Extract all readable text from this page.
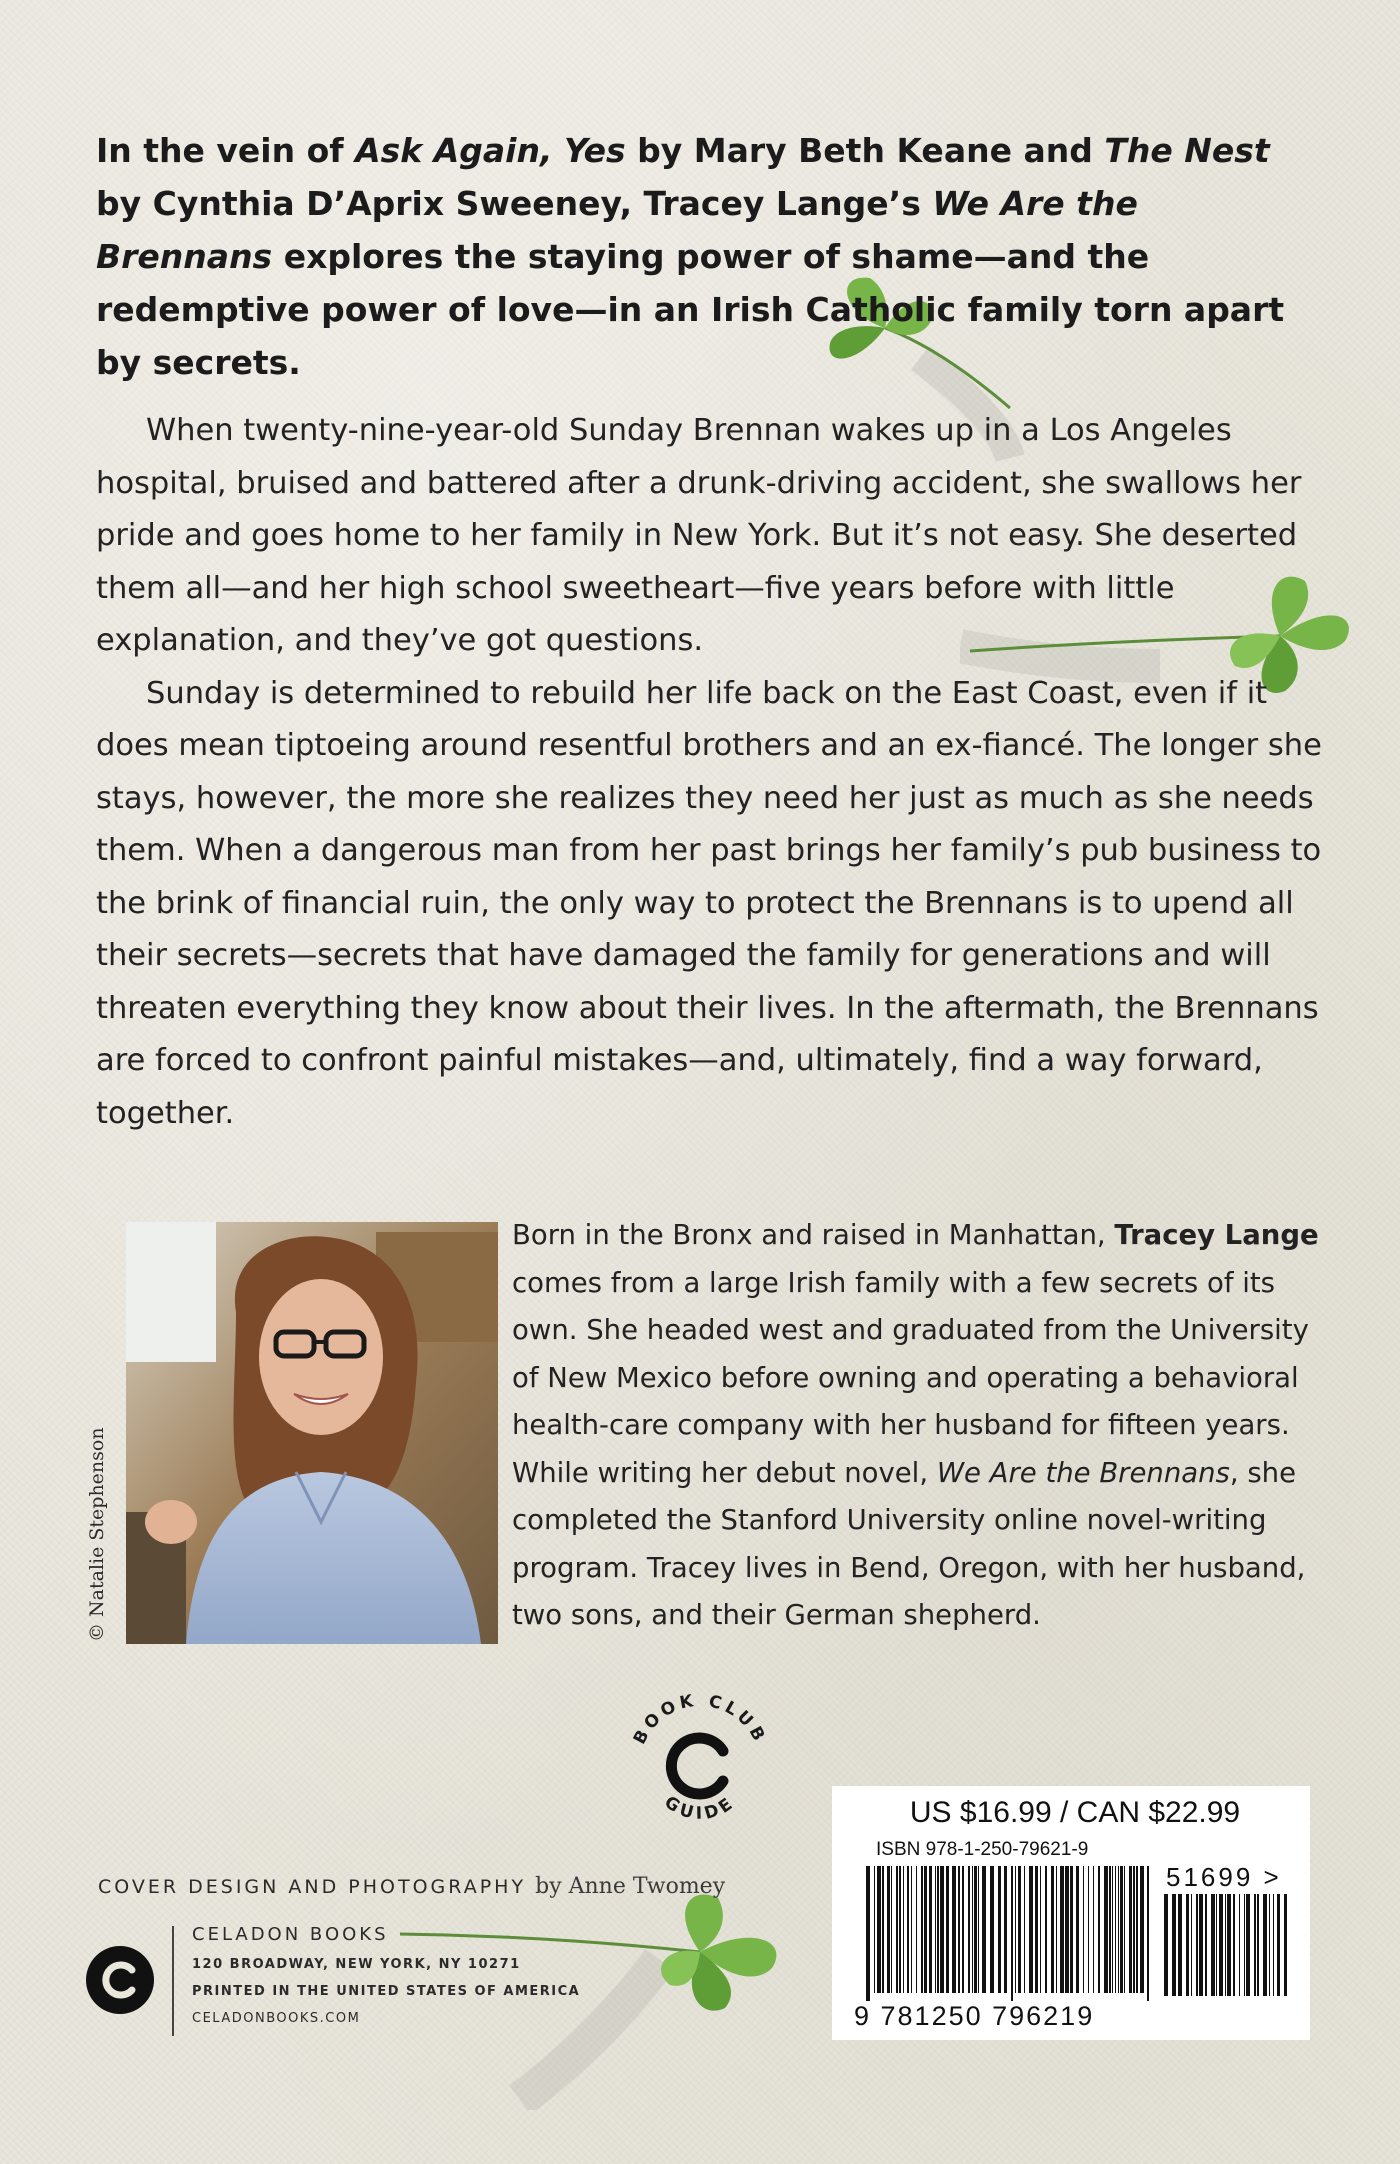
In the vein of Ask Again, Yes by Mary Beth Keane and The Nest by Cynthia D’Aprix Sweeney, Tracey Lange’s We Are the Brennans explores the staying power of shame—and the redemptive power of love—in an Irish Catholic family torn apart by secrets.

When twenty-nine-year-old Sunday Brennan wakes up in a Los Angeles hospital, bruised and battered after a drunk-driving accident, she swallows her pride and goes home to her family in New York. But it’s not easy. She deserted them all—and her high school sweetheart—five years before with little explanation, and they’ve got questions.

Sunday is determined to rebuild her life back on the East Coast, even if it does mean tiptoeing around resentful brothers and an ex-fiancé. The longer she stays, however, the more she realizes they need her just as much as she needs them. When a dangerous man from her past brings her family’s pub business to the brink of financial ruin, the only way to protect the Brennans is to upend all their secrets—secrets that have damaged the family for generations and will threaten everything they know about their lives. In the aftermath, the Brennans are forced to confront painful mistakes—and, ultimately, find a way forward, together.

© Natalie Stephenson

Born in the Bronx and raised in Manhattan, Tracey Lange comes from a large Irish family with a few secrets of its own. She headed west and graduated from the University of New Mexico before owning and operating a behavioral health-care company with her husband for fifteen years. While writing her debut novel, We Are the Brennans, she completed the Stanford University online novel-writing program. Tracey lives in Bend, Oregon, with her husband, two sons, and their German shepherd.

BOOK CLUB
GUIDE	US $16.99 / CAN $22.99
ISBN 978-1-250-79621-9
51699 >
9 781250 796219
COVER DESIGN AND PHOTOGRAPHY by Anne Twomey
CELADON BOOKS
120 BROADWAY, NEW YORK, NY 10271
PRINTED IN THE UNITED STATES OF AMERICA
CELADONBOOKS.COM
